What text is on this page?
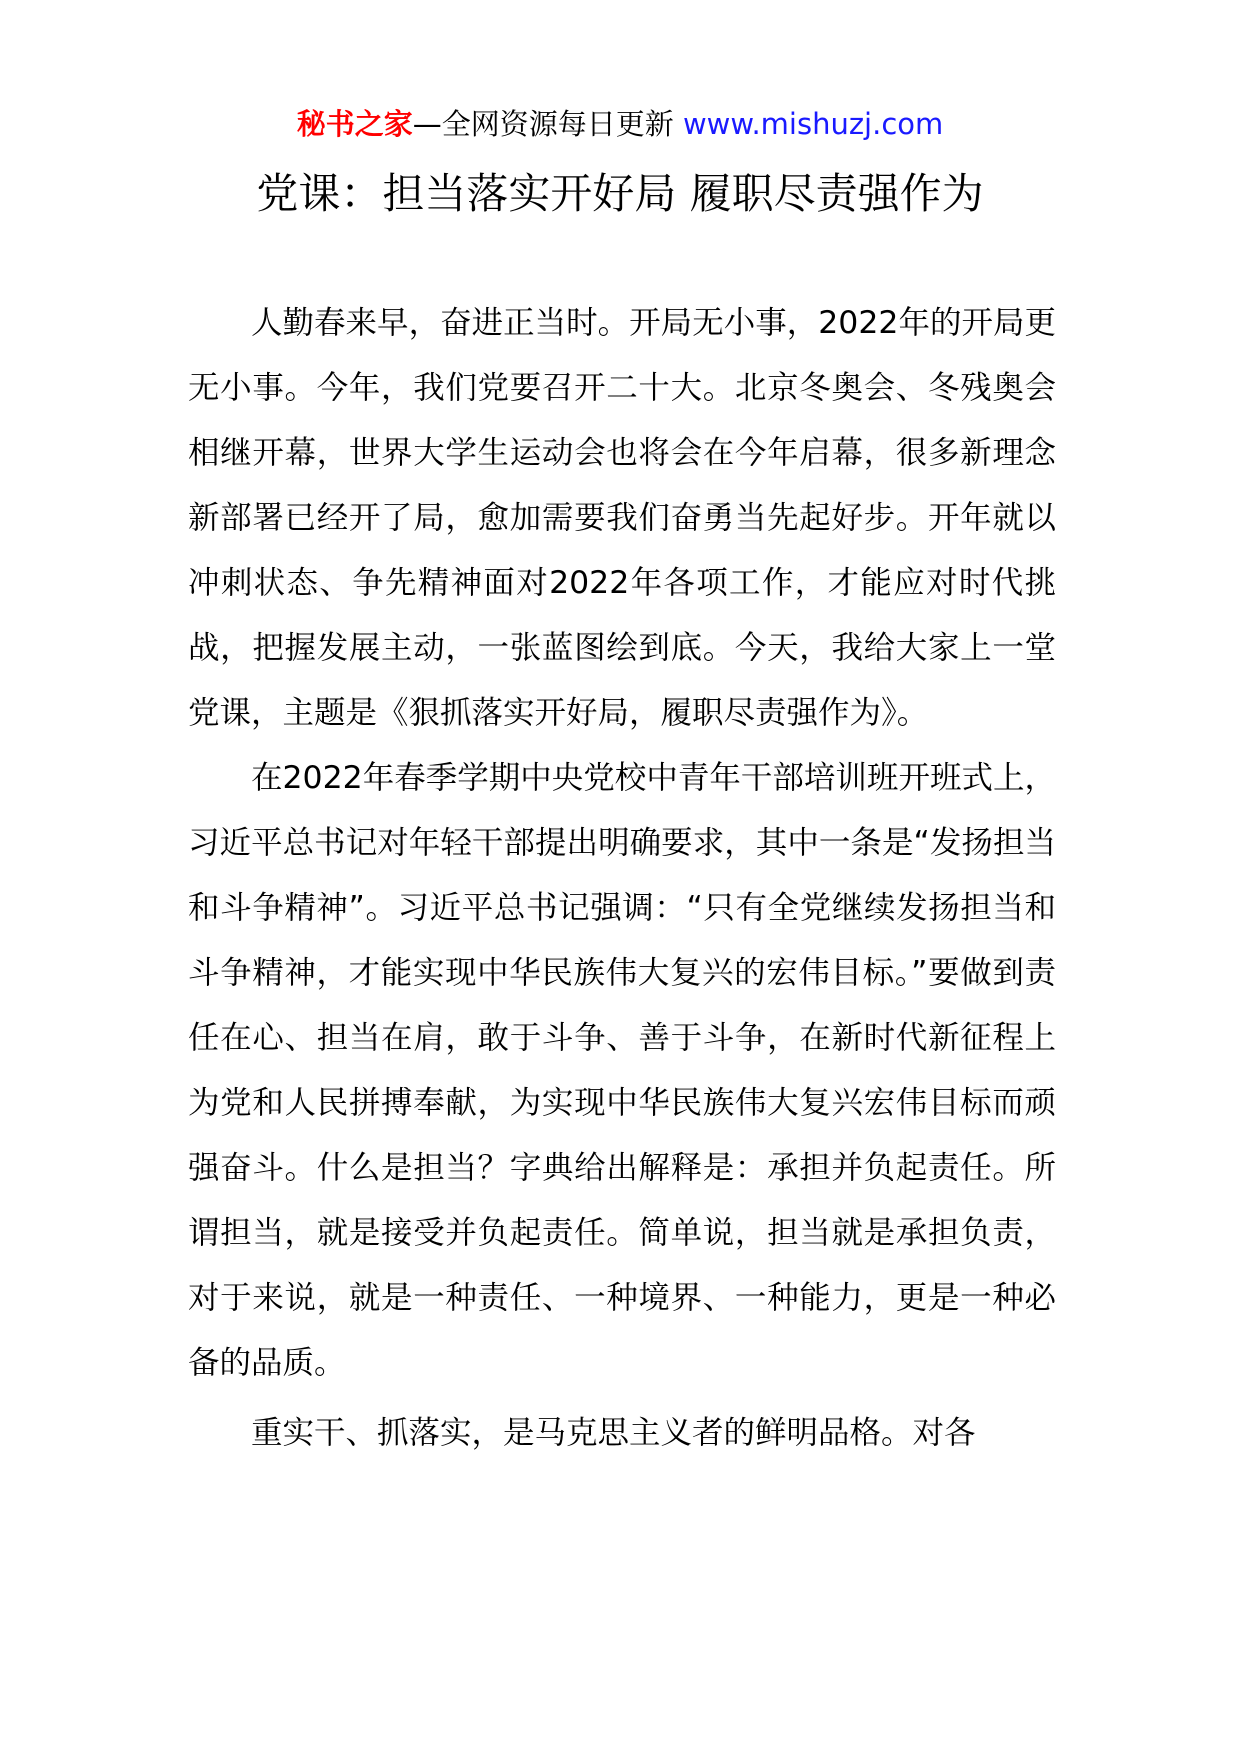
秘书之家—全网资源每日更新 www.mishuzj.com
党课：担当落实开好局 履职尽责强作为

人勤春来早，奋进正当时。开局无小事，2022年的开局更无小事。今年，我们党要召开二十大。北京冬奥会、冬残奥会相继开幕，世界大学生运动会也将会在今年启幕，很多新理念新部署已经开了局，愈加需要我们奋勇当先起好步。开年就以冲刺状态、争先精神面对2022年各项工作，才能应对时代挑战，把握发展主动，一张蓝图绘到底。今天，我给大家上一堂党课，主题是《狠抓落实开好局，履职尽责强作为》。

在2022年春季学期中央党校中青年干部培训班开班式上，习近平总书记对年轻干部提出明确要求，其中一条是“发扬担当和斗争精神”。习近平总书记强调：“只有全党继续发扬担当和斗争精神，才能实现中华民族伟大复兴的宏伟目标。”要做到责任在心、担当在肩，敢于斗争、善于斗争，在新时代新征程上为党和人民拼搏奉献，为实现中华民族伟大复兴宏伟目标而顽强奋斗。什么是担当？字典给出解释是：承担并负起责任。所谓担当，就是接受并负起责任。简单说，担当就是承担负责，对于来说，就是一种责任、一种境界、一种能力，更是一种必备的品质。

重实干、抓落实，是马克思主义者的鲜明品格。对各
